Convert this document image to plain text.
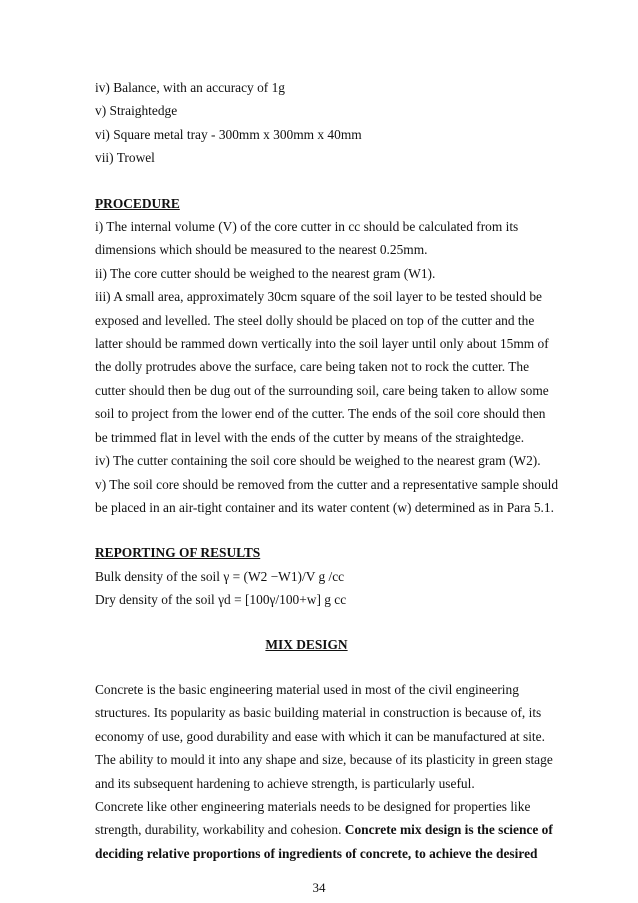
iv) Balance, with an accuracy of 1g

v) Straightedge

vi) Square metal tray - 300mm x 300mm x 40mm

vii) Trowel

PROCEDURE

i) The internal volume (V) of the core cutter in cc should be calculated from its

dimensions which should be measured to the nearest 0.25mm.

ii) The core cutter should be weighed to the nearest gram (W1).

iii) A small area, approximately 30cm square of the soil layer to be tested should be

exposed and levelled. The steel dolly should be placed on top of the cutter and the

latter should be rammed down vertically into the soil layer until only about 15mm of

the dolly protrudes above the surface, care being taken not to rock the cutter. The

cutter should then be dug out of the surrounding soil, care being taken to allow some

soil to project from the lower end of the cutter. The ends of the soil core should then

be trimmed flat in level with the ends of the cutter by means of the straightedge.

iv) The cutter containing the soil core should be weighed to the nearest gram (W2).

v) The soil core should be removed from the cutter and a representative sample should

be placed in an air-tight container and its water content (w) determined as in Para 5.1.

REPORTING OF RESULTS

Bulk density of the soil γ = (W2 −W1)/V g /cc

Dry density of the soil γd = [100γ/100+w] g cc

MIX DESIGN

Concrete is the basic engineering material used in most of the civil engineering

structures. Its popularity as basic building material in construction is because of, its

economy of use, good durability and ease with which it can be manufactured at site.

The ability to mould it into any shape and size, because of its plasticity in green stage

and its subsequent hardening to achieve strength, is particularly useful.

Concrete like other engineering materials needs to be designed for properties like

strength, durability, workability and cohesion. Concrete mix design is the science of

deciding relative proportions of ingredients of concrete, to achieve the desired

34
